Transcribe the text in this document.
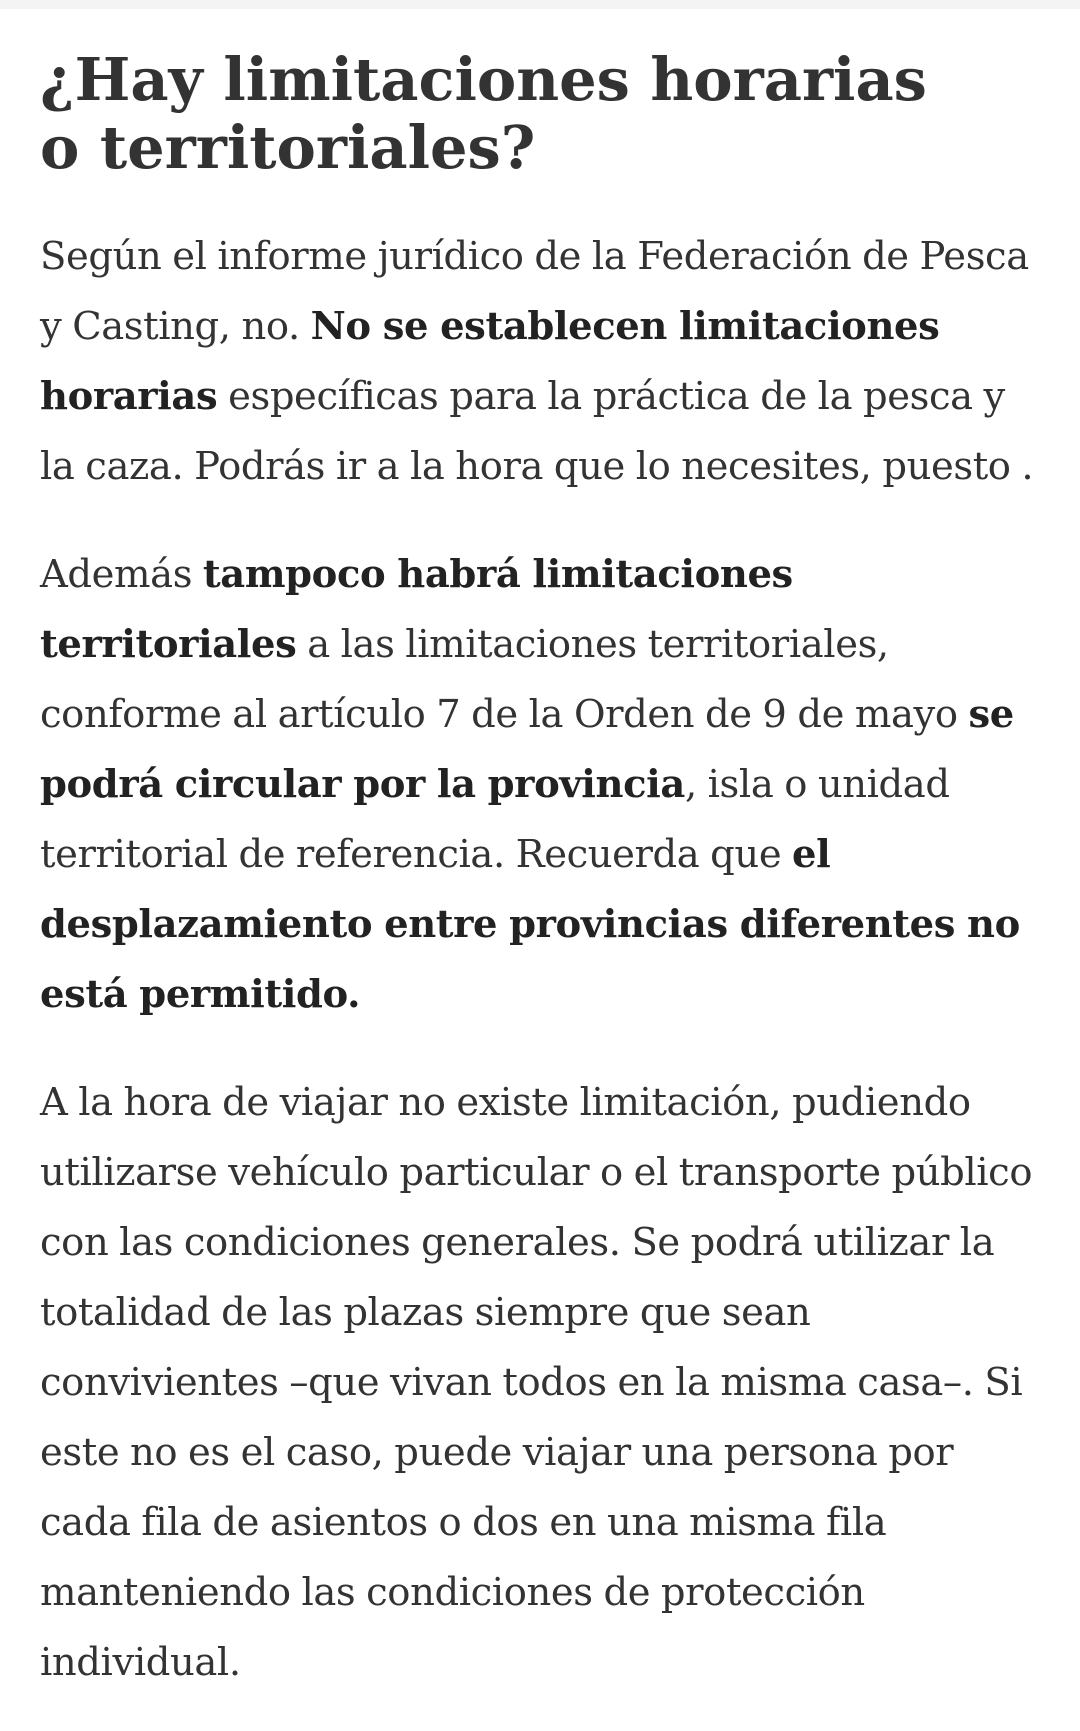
¿Hay limitaciones horarias o territoriales?

Según el informe jurídico de la Federación de Pesca y Casting, no. No se establecen limitaciones horarias específicas para la práctica de la pesca y la caza. Podrás ir a la hora que lo necesites, puesto .

Además tampoco habrá limitaciones territoriales a las limitaciones territoriales, conforme al artículo 7 de la Orden de 9 de mayo se podrá circular por la provincia, isla o unidad territorial de referencia. Recuerda que el desplazamiento entre provincias diferentes no está permitido.

A la hora de viajar no existe limitación, pudiendo utilizarse vehículo particular o el transporte público con las condiciones generales. Se podrá utilizar la totalidad de las plazas siempre que sean convivientes –que vivan todos en la misma casa–. Si este no es el caso, puede viajar una persona por cada fila de asientos o dos en una misma fila manteniendo las condiciones de protección individual.
